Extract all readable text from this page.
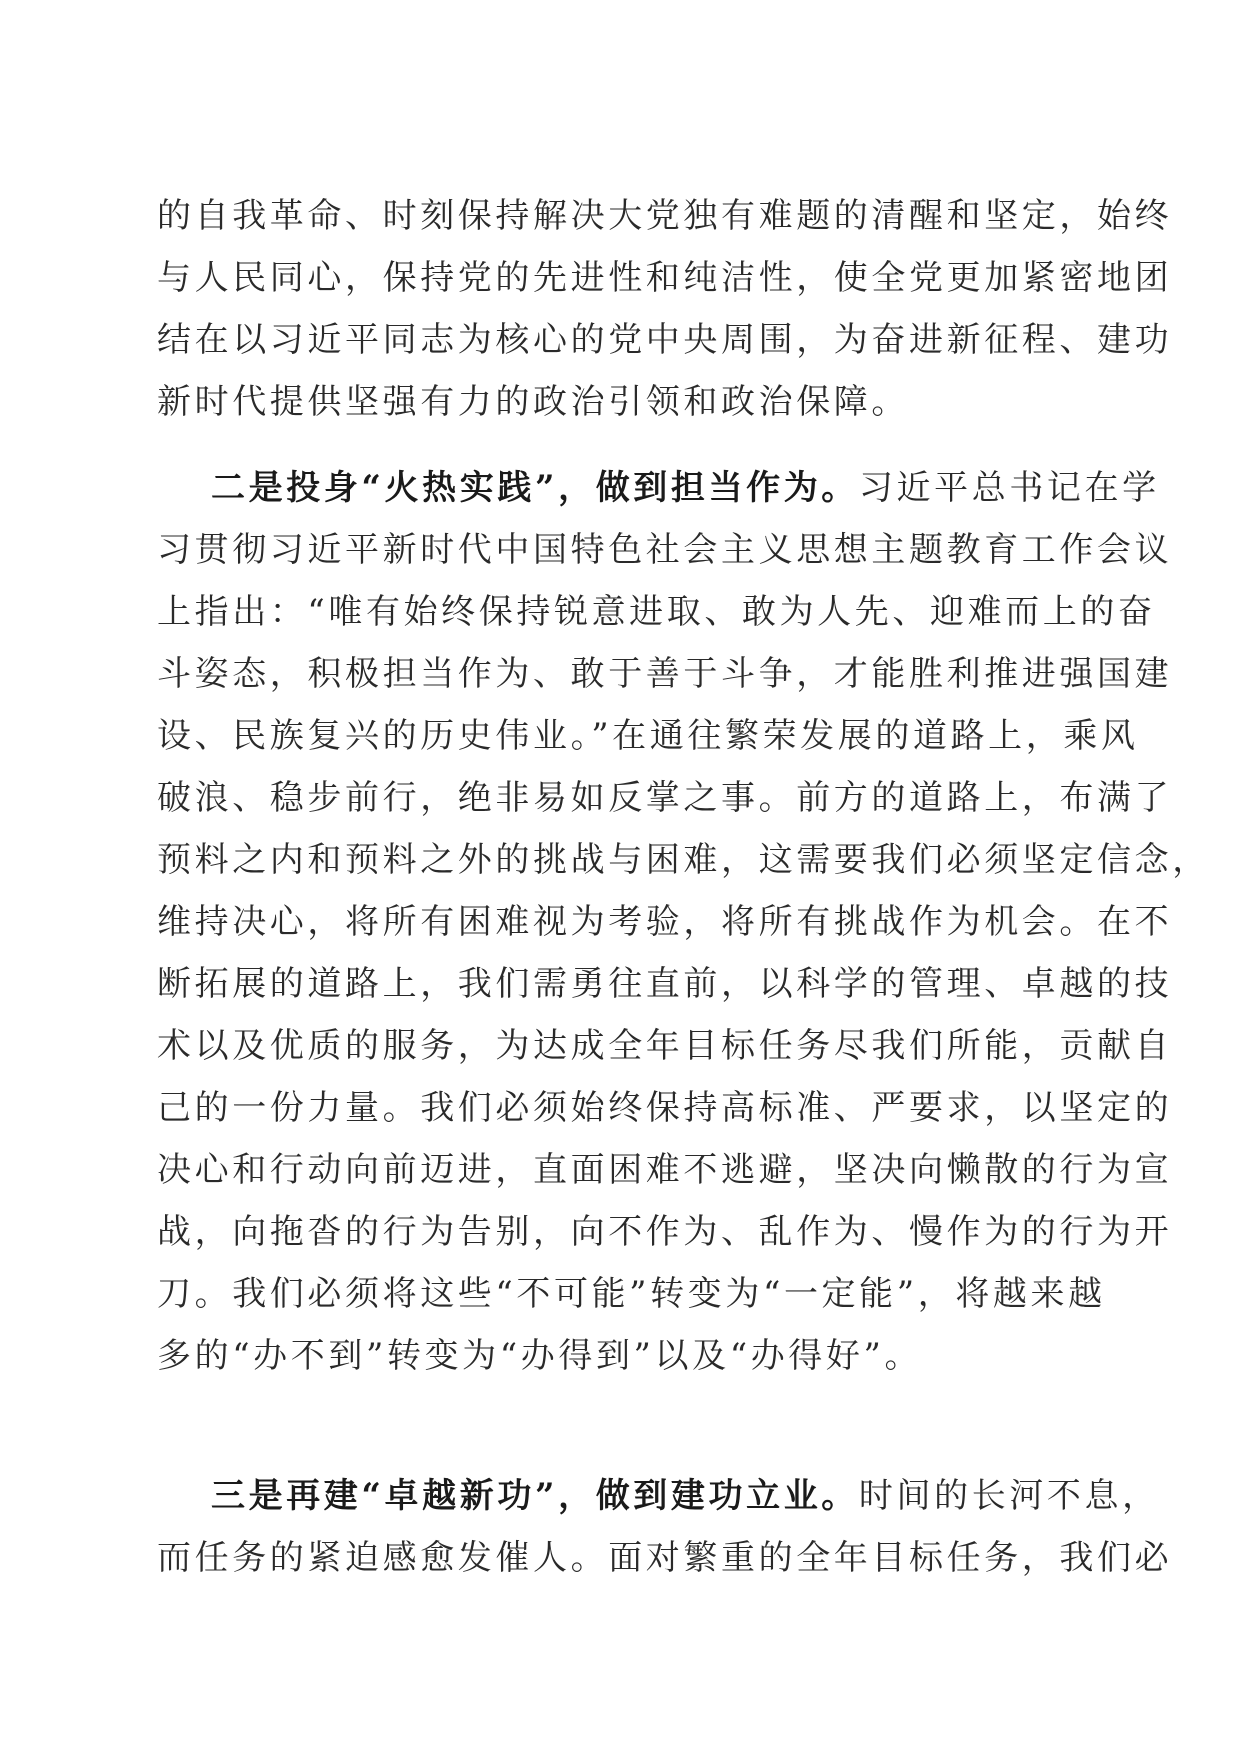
的自我革命、时刻保持解决大党独有难题的清醒和坚定，始终
与人民同心，保持党的先进性和纯洁性，使全党更加紧密地团
结在以习近平同志为核心的党中央周围，为奋进新征程、建功
新时代提供坚强有力的政治引领和政治保障。
二是投身“火热实践”，做到担当作为。习近平总书记在学
习贯彻习近平新时代中国特色社会主义思想主题教育工作会议
上指出：“唯有始终保持锐意进取、敢为人先、迎难而上的奋
斗姿态，积极担当作为、敢于善于斗争，才能胜利推进强国建
设、民族复兴的历史伟业。”在通往繁荣发展的道路上，乘风
破浪、稳步前行，绝非易如反掌之事。前方的道路上，布满了
预料之内和预料之外的挑战与困难，这需要我们必须坚定信念，
维持决心，将所有困难视为考验，将所有挑战作为机会。在不
断拓展的道路上，我们需勇往直前，以科学的管理、卓越的技
术以及优质的服务，为达成全年目标任务尽我们所能，贡献自
己的一份力量。我们必须始终保持高标准、严要求，以坚定的
决心和行动向前迈进，直面困难不逃避，坚决向懒散的行为宣
战，向拖沓的行为告别，向不作为、乱作为、慢作为的行为开
刀。我们必须将这些“不可能”转变为“一定能”，将越来越
多的“办不到”转变为“办得到”以及“办得好”。
三是再建“卓越新功”，做到建功立业。时间的长河不息，
而任务的紧迫感愈发催人。面对繁重的全年目标任务，我们必
